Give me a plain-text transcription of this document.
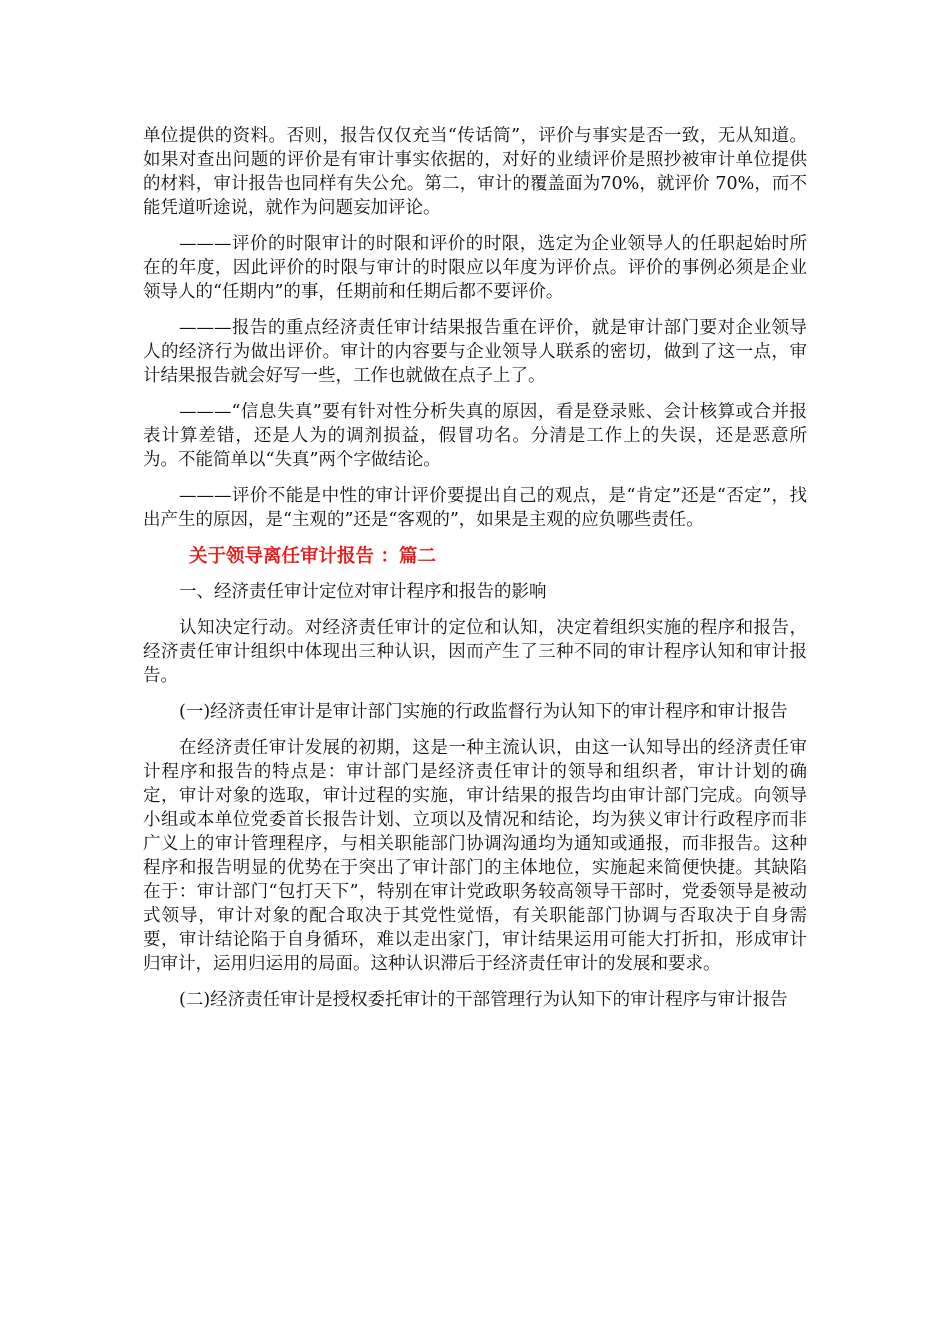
单位提供的资料。否则，报告仅仅充当“传话筒”，评价与事实是否一致，无从知道。如果对查出问题的评价是有审计事实依据的，对好的业绩评价是照抄被审计单位提供的材料，审计报告也同样有失公允。第二，审计的覆盖面为70%，就评价 70%，而不能凭道听途说，就作为问题妄加评论。

———评价的时限审计的时限和评价的时限，选定为企业领导人的任职起始时所在的年度，因此评价的时限与审计的时限应以年度为评价点。评价的事例必须是企业领导人的“任期内”的事，任期前和任期后都不要评价。

———报告的重点经济责任审计结果报告重在评价，就是审计部门要对企业领导人的经济行为做出评价。审计的内容要与企业领导人联系的密切，做到了这一点，审计结果报告就会好写一些，工作也就做在点子上了。

———“信息失真”要有针对性分析失真的原因，看是登录账、会计核算或合并报表计算差错，还是人为的调剂损益，假冒功名。分清是工作上的失误，还是恶意所为。不能简单以“失真”两个字做结论。

———评价不能是中性的审计评价要提出自己的观点，是“肯定”还是“否定”，找出产生的原因，是“主观的”还是“客观的”，如果是主观的应负哪些责任。

关于领导离任审计报告 ：篇二

一、经济责任审计定位对审计程序和报告的影响

认知决定行动。对经济责任审计的定位和认知，决定着组织实施的程序和报告，经济责任审计组织中体现出三种认识，因而产生了三种不同的审计程序认知和审计报告。

(一)经济责任审计是审计部门实施的行政监督行为认知下的审计程序和审计报告

在经济责任审计发展的初期，这是一种主流认识，由这一认知导出的经济责任审计程序和报告的特点是：审计部门是经济责任审计的领导和组织者，审计计划的确定，审计对象的选取，审计过程的实施，审计结果的报告均由审计部门完成。向领导小组或本单位党委首长报告计划、立项以及情况和结论，均为狭义审计行政程序而非广义上的审计管理程序，与相关职能部门协调沟通均为通知或通报，而非报告。这种程序和报告明显的优势在于突出了审计部门的主体地位，实施起来简便快捷。其缺陷在于：审计部门“包打天下”，特别在审计党政职务较高领导干部时，党委领导是被动式领导，审计对象的配合取决于其党性觉悟，有关职能部门协调与否取决于自身需要，审计结论陷于自身循环，难以走出家门，审计结果运用可能大打折扣，形成审计归审计，运用归运用的局面。这种认识滞后于经济责任审计的发展和要求。

(二)经济责任审计是授权委托审计的干部管理行为认知下的审计程序与审计报告
